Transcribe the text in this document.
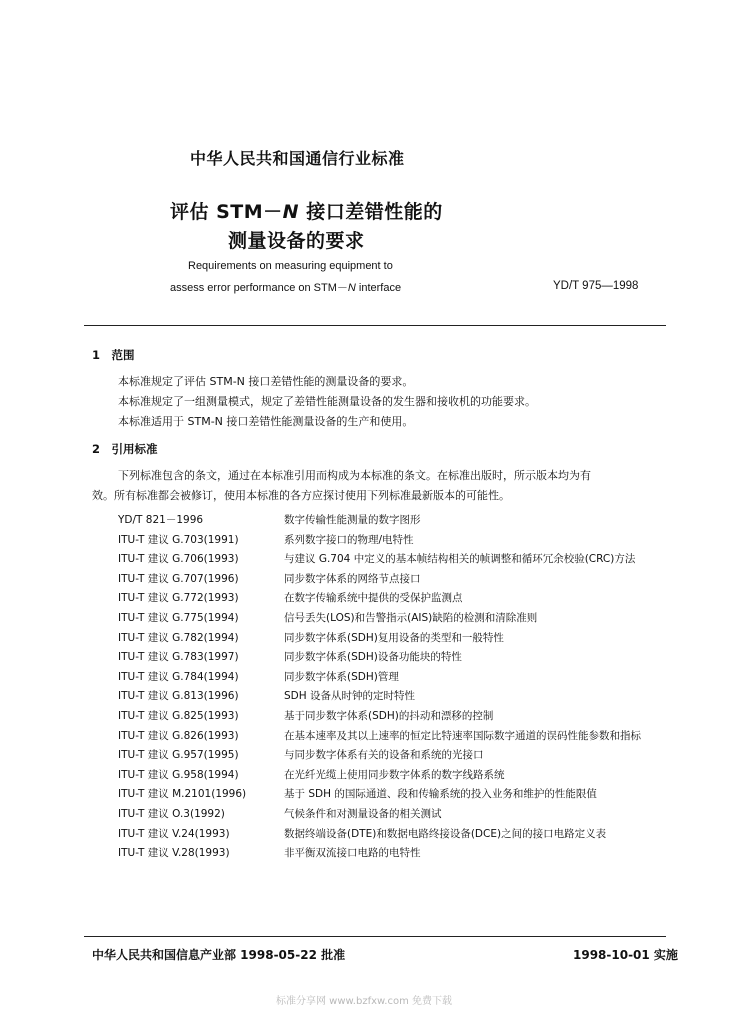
中华人民共和国通信行业标准
评估 STM－N 接口差错性能的
测量设备的要求
Requirements on measuring equipment to
assess error performance on STM－N interface	YD/T 975—1998
1　范围
本标准规定了评估 STM-N 接口差错性能的测量设备的要求。
本标准规定了一组测量模式，规定了差错性能测量设备的发生器和接收机的功能要求。
本标准适用于 STM-N 接口差错性能测量设备的生产和使用。
2　引用标准
下列标准包含的条文，通过在本标准引用而构成为本标准的条文。在标准出版时，所示版本均为有
效。所有标准都会被修订，使用本标准的各方应探讨使用下列标准最新版本的可能性。
YD/T 821－1996	数字传输性能测量的数字图形
ITU-T 建议 G.703(1991)	系列数字接口的物理/电特性
ITU-T 建议 G.706(1993)	与建议 G.704 中定义的基本帧结构相关的帧调整和循环冗余校验(CRC)方法
ITU-T 建议 G.707(1996)	同步数字体系的网络节点接口
ITU-T 建议 G.772(1993)	在数字传输系统中提供的受保护监测点
ITU-T 建议 G.775(1994)	信号丢失(LOS)和告警指示(AIS)缺陷的检测和清除准则
ITU-T 建议 G.782(1994)	同步数字体系(SDH)复用设备的类型和一般特性
ITU-T 建议 G.783(1997)	同步数字体系(SDH)设备功能块的特性
ITU-T 建议 G.784(1994)	同步数字体系(SDH)管理
ITU-T 建议 G.813(1996)	SDH 设备从时钟的定时特性
ITU-T 建议 G.825(1993)	基于同步数字体系(SDH)的抖动和漂移的控制
ITU-T 建议 G.826(1993)	在基本速率及其以上速率的恒定比特速率国际数字通道的误码性能参数和指标
ITU-T 建议 G.957(1995)	与同步数字体系有关的设备和系统的光接口
ITU-T 建议 G.958(1994)	在光纤光缆上使用同步数字体系的数字线路系统
ITU-T 建议 M.2101(1996)	基于 SDH 的国际通道、段和传输系统的投入业务和维护的性能限值
ITU-T 建议 O.3(1992)	气候条件和对测量设备的相关测试
ITU-T 建议 V.24(1993)	数据终端设备(DTE)和数据电路终接设备(DCE)之间的接口电路定义表
ITU-T 建议 V.28(1993)	非平衡双流接口电路的电特性
中华人民共和国信息产业部 1998-05-22 批准	1998-10-01 实施
标准分享网 www.bzfxw.com 免费下载
